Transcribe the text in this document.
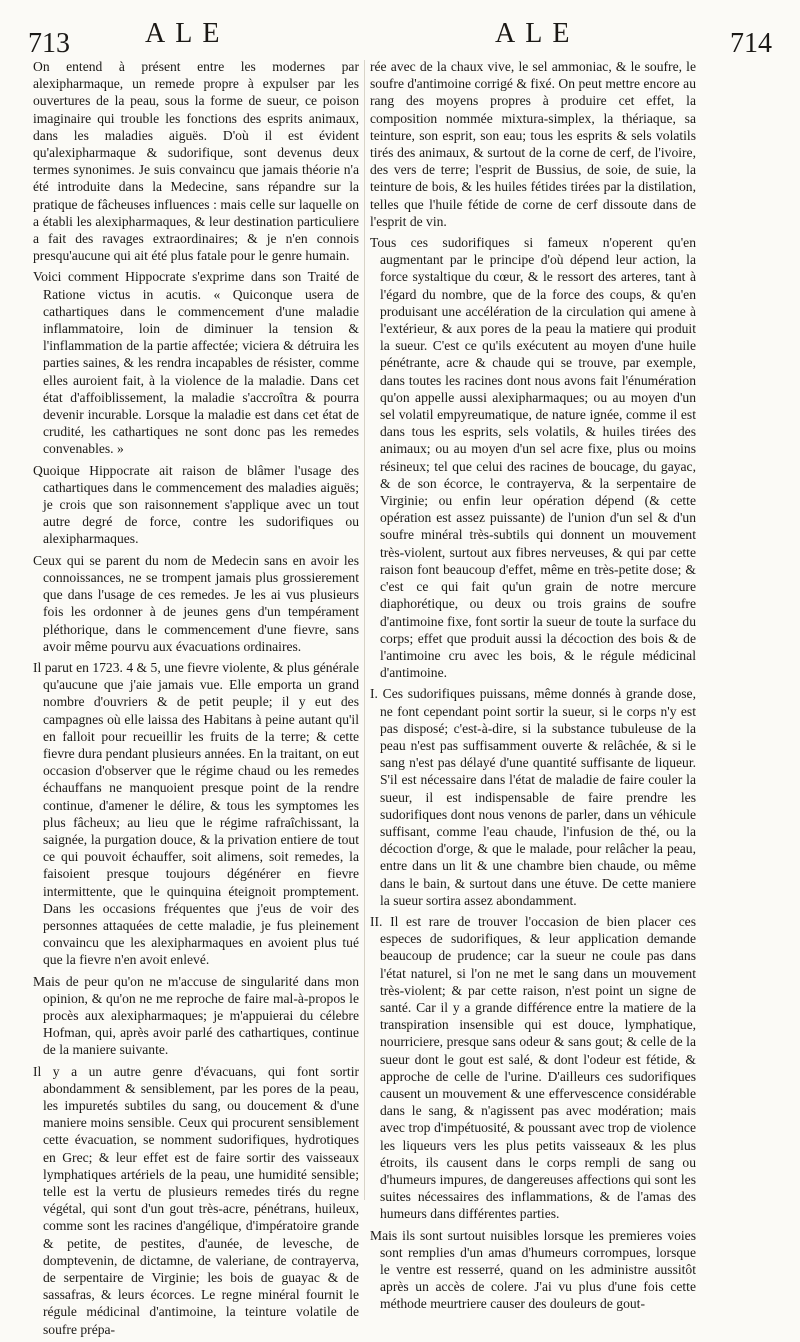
713	ALE	ALE	714

On entend à présent entre les modernes par alexipharmaque, un remede propre à expulser par les ouvertures de la peau, sous la forme de sueur, ce poison imaginaire qui trouble les fonctions des esprits animaux, dans les maladies aiguës. D'où il est évident qu'alexipharmaque & sudorifique, sont devenus deux termes synonimes. Je suis convaincu que jamais théorie n'a été introduite dans la Medecine, sans répandre sur la pratique de fâcheuses influences : mais celle sur laquelle on a établi les alexipharmaques, & leur destination particuliere a fait des ravages extraordinaires; & je n'en connois presqu'aucune qui ait été plus fatale pour le genre humain.

Voici comment Hippocrate s'exprime dans son Traité de Ratione victus in acutis. « Quiconque usera de cathartiques dans le commencement d'une maladie inflammatoire, loin de diminuer la tension & l'inflammation de la partie affectée; viciera & détruira les parties saines, & les rendra incapables de résister, comme elles auroient fait, à la violence de la maladie. Dans cet état d'affoiblissement, la maladie s'accroîtra & pourra devenir incurable. Lorsque la maladie est dans cet état de crudité, les cathartiques ne sont donc pas les remedes convenables. »

Quoique Hippocrate ait raison de blâmer l'usage des cathartiques dans le commencement des maladies aiguës; je crois que son raisonnement s'applique avec un tout autre degré de force, contre les sudorifiques ou alexipharmaques.

Ceux qui se parent du nom de Medecin sans en avoir les connoissances, ne se trompent jamais plus grossierement que dans l'usage de ces remedes. Je les ai vus plusieurs fois les ordonner à de jeunes gens d'un tempérament pléthorique, dans le commencement d'une fievre, sans avoir même pourvu aux évacuations ordinaires.

Il parut en 1723. 4 & 5, une fievre violente, & plus générale qu'aucune que j'aie jamais vue. Elle emporta un grand nombre d'ouvriers & de petit peuple; il y eut des campagnes où elle laissa des Habitans à peine autant qu'il en falloit pour recueillir les fruits de la terre; & cette fievre dura pendant plusieurs années. En la traitant, on eut occasion d'observer que le régime chaud ou les remedes échauffans ne manquoient presque point de la rendre continue, d'amener le délire, & tous les symptomes les plus fâcheux; au lieu que le régime rafraîchissant, la saignée, la purgation douce, & la privation entiere de tout ce qui pouvoit échauffer, soit alimens, soit remedes, la faisoient presque toujours dégénérer en fievre intermittente, que le quinquina éteignoit promptement. Dans les occasions fréquentes que j'eus de voir des personnes attaquées de cette maladie, je fus pleinement convaincu que les alexipharmaques en avoient plus tué que la fievre n'en avoit enlevé.

Mais de peur qu'on ne m'accuse de singularité dans mon opinion, & qu'on ne me reproche de faire mal-à-propos le procès aux alexipharmaques; je m'appuierai du célebre Hofman, qui, après avoir parlé des cathartiques, continue de la maniere suivante.

Il y a un autre genre d'évacuans, qui font sortir abondamment & sensiblement, par les pores de la peau, les impuretés subtiles du sang, ou doucement & d'une maniere moins sensible. Ceux qui procurent sensiblement cette évacuation, se nomment sudorifiques, hydrotiques en Grec; & leur effet est de faire sortir des vaisseaux lymphatiques artériels de la peau, une humidité sensible; telle est la vertu de plusieurs remedes tirés du regne végétal, qui sont d'un gout très-acre, pénétrans, huileux, comme sont les racines d'angélique, d'impératoire grande & petite, de pestites, d'aunée, de levesche, de domptevenin, de dictamne, de valeriane, de contrayerva, de serpentaire de Virginie; les bois de guayac & de sassafras, & leurs écorces. Le regne minéral fournit le régule médicinal d'antimoine, la teinture volatile de soufre prépa-

rée avec de la chaux vive, le sel ammoniac, & le soufre, le soufre d'antimoine corrigé & fixé. On peut mettre encore au rang des moyens propres à produire cet effet, la composition nommée mixtura-simplex, la thériaque, sa teinture, son esprit, son eau; tous les esprits & sels volatils tirés des animaux, & surtout de la corne de cerf, de l'ivoire, des vers de terre; l'esprit de Bussius, de soie, de suie, la teinture de bois, & les huiles fétides tirées par la distilation, telles que l'huile fétide de corne de cerf dissoute dans de l'esprit de vin.

Tous ces sudorifiques si fameux n'operent qu'en augmentant par le principe d'où dépend leur action, la force systaltique du cœur, & le ressort des arteres, tant à l'égard du nombre, que de la force des coups, & qu'en produisant une accélération de la circulation qui amene à l'extérieur, & aux pores de la peau la matiere qui produit la sueur. C'est ce qu'ils exécutent au moyen d'une huile pénétrante, acre & chaude qui se trouve, par exemple, dans toutes les racines dont nous avons fait l'énumération qu'on appelle aussi alexipharmaques; ou au moyen d'un sel volatil empyreumatique, de nature ignée, comme il est dans tous les esprits, sels volatils, & huiles tirées des animaux; ou au moyen d'un sel acre fixe, plus ou moins résineux; tel que celui des racines de boucage, du gayac, & de son écorce, le contrayerva, & la serpentaire de Virginie; ou enfin leur opération dépend (& cette opération est assez puissante) de l'union d'un sel & d'un soufre minéral très-subtils qui donnent un mouvement très-violent, surtout aux fibres nerveuses, & qui par cette raison font beaucoup d'effet, même en très-petite dose; & c'est ce qui fait qu'un grain de notre mercure diaphorétique, ou deux ou trois grains de soufre d'antimoine fixe, font sortir la sueur de toute la surface du corps; effet que produit aussi la décoction des bois & de l'antimoine cru avec les bois, & le régule médicinal d'antimoine.

I. Ces sudorifiques puissans, même donnés à grande dose, ne font cependant point sortir la sueur, si le corps n'y est pas disposé; c'est-à-dire, si la substance tubuleuse de la peau n'est pas suffisamment ouverte & relâchée, & si le sang n'est pas délayé d'une quantité suffisante de liqueur. S'il est nécessaire dans l'état de maladie de faire couler la sueur, il est indispensable de faire prendre les sudorifiques dont nous venons de parler, dans un véhicule suffisant, comme l'eau chaude, l'infusion de thé, ou la décoction d'orge, & que le malade, pour relâcher la peau, entre dans un lit & une chambre bien chaude, ou même dans le bain, & surtout dans une étuve. De cette maniere la sueur sortira assez abondamment.

II. Il est rare de trouver l'occasion de bien placer ces especes de sudorifiques, & leur application demande beaucoup de prudence; car la sueur ne coule pas dans l'état naturel, si l'on ne met le sang dans un mouvement très-violent; & par cette raison, n'est point un signe de santé. Car il y a grande différence entre la matiere de la transpiration insensible qui est douce, lymphatique, nourriciere, presque sans odeur & sans gout; & celle de la sueur dont le gout est salé, & dont l'odeur est fétide, & approche de celle de l'urine. D'ailleurs ces sudorifiques causent un mouvement & une effervescence considérable dans le sang, & n'agissent pas avec modération; mais avec trop d'impétuosité, & poussant avec trop de violence les liqueurs vers les plus petits vaisseaux & les plus étroits, ils causent dans le corps rempli de sang ou d'humeurs impures, de dangereuses affections qui sont les suites nécessaires des inflammations, & de l'amas des humeurs dans différentes parties.

Mais ils sont surtout nuisibles lorsque les premieres voies sont remplies d'un amas d'humeurs corrompues, lorsque le ventre est resserré, quand on les administre aussitôt après un accès de colere. J'ai vu plus d'une fois cette méthode meurtriere causer des douleurs de gout-
